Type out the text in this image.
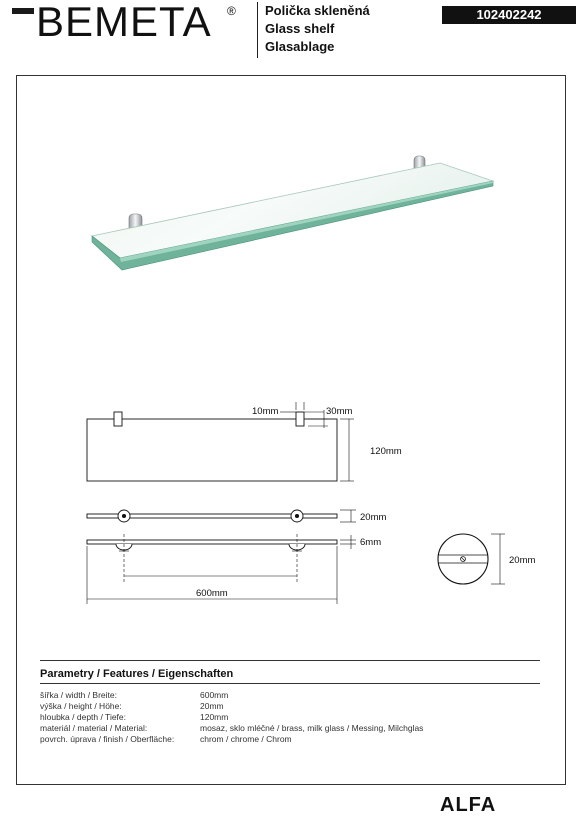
BEMETA ® Polička skleněná
Glass shelf
Glasablage
102402242
10mm	30mm
120mm
20mm
6mm
600mm
20mm
Parametry / Features / Eigenschaften
šířka / width / Breite:	600mm
výška / height / Höhe:	20mm
hloubka / depth / Tiefe:	120mm
materiál / material / Material:	mosaz, sklo mléčné / brass, milk glass / Messing, Milchglas
povrch. úprava / finish / Oberfläche:	chrom / chrome / Chrom
ALFA
